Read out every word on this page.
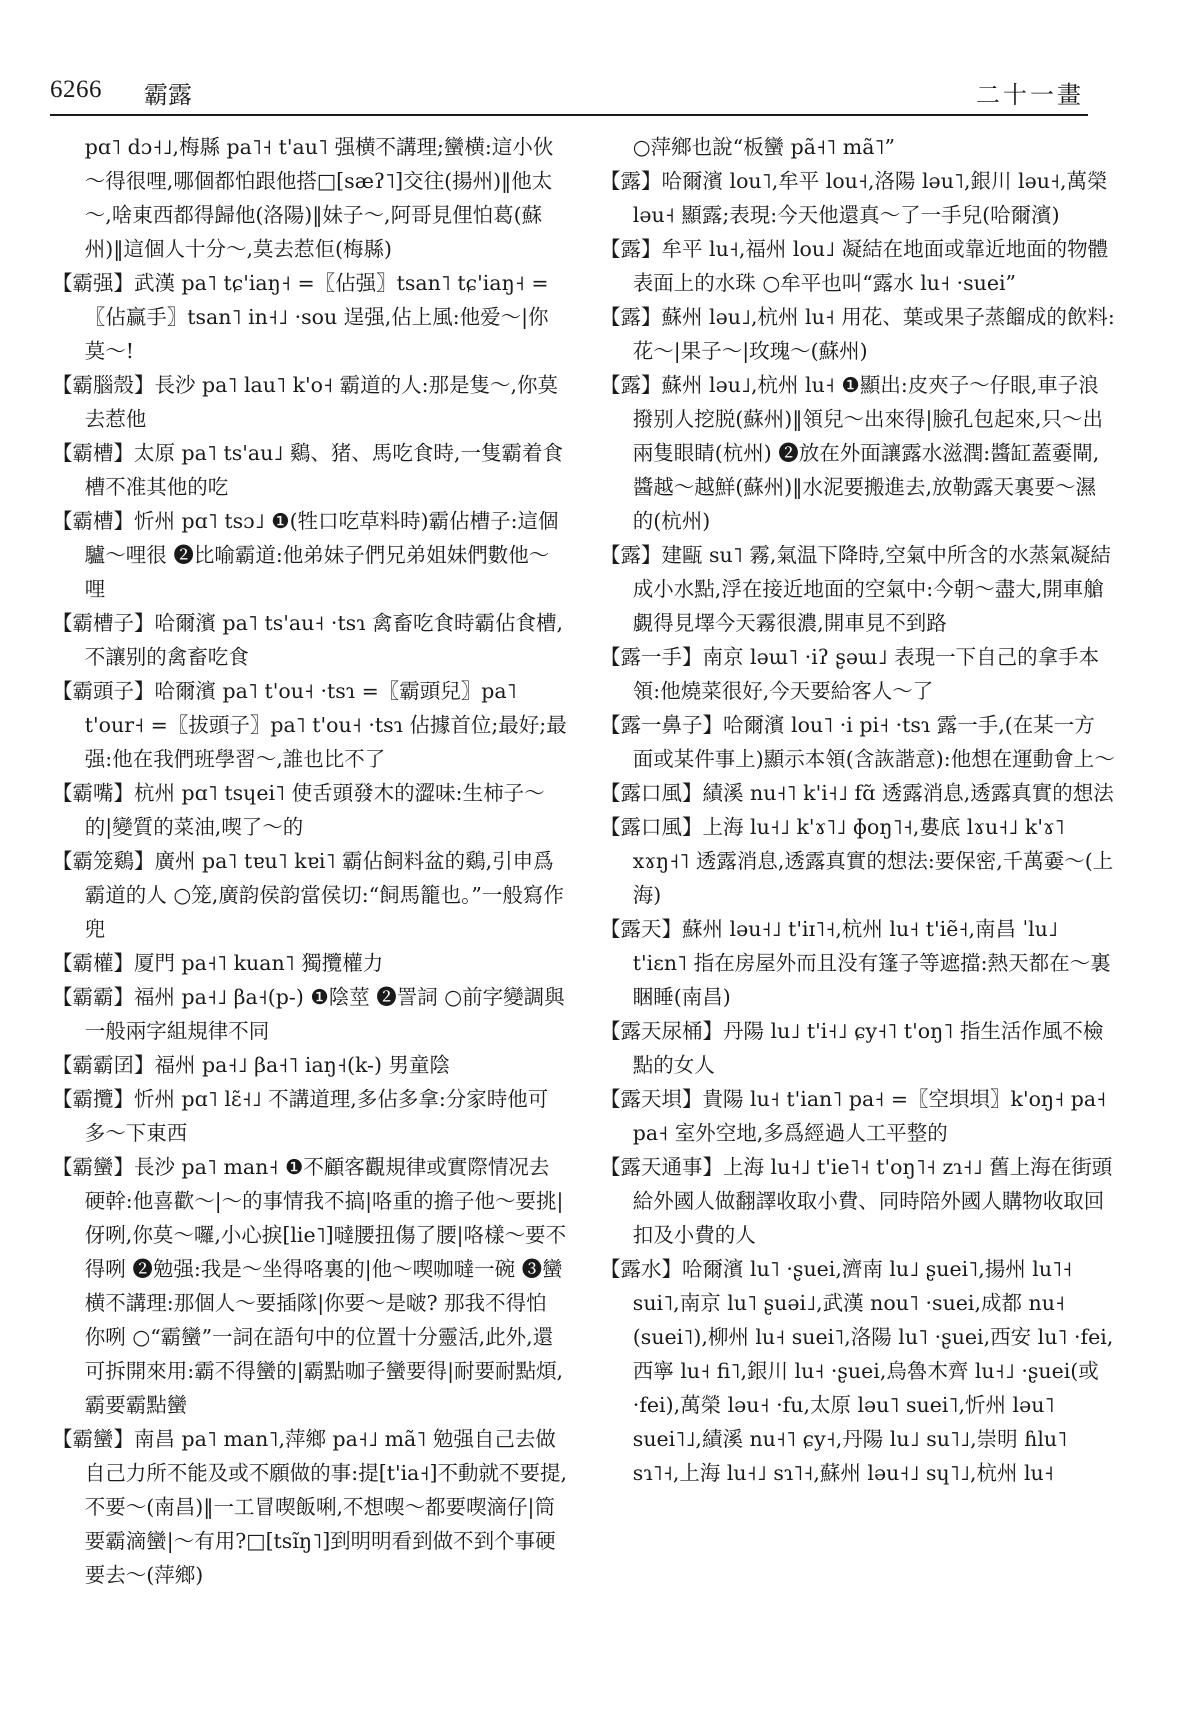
6266 霸露	二十一畫

pɑ˥ dɔ˧˩,梅縣 pa˥˧ t'au˥ 强横不講理;蠻横:這小伙～得很哩,哪個都怕跟他搭□[sæʔ˥]交往(揚州)‖他太～,啥東西都得歸他(洛陽)‖妹子～,阿哥見俚怕葛(蘇州)‖這個人十分～,莫去惹佢(梅縣)

【霸强】武漢 pa˥ tɕ'iaŋ˧ =〖佔强〗tsan˥ tɕ'iaŋ˧ =〖佔赢手〗tsan˥ in˧˩ ·sou 逞强,佔上風:他爱～|你莫～!

【霸腦殼】長沙 pa˥ lau˥ k'o˧ 霸道的人:那是隻～,你莫去惹他

【霸槽】太原 pa˥ ts'au˩ 鷄、猪、馬吃食時,一隻霸着食槽不准其他的吃

【霸槽】忻州 pɑ˥ tsɔ˩ ❶(牲口吃草料時)霸佔槽子:這個驢～哩很 ❷比喻霸道:他弟妹子們兄弟姐妹們數他～哩

【霸槽子】哈爾濱 pa˥ ts'au˧ ·tsɿ 禽畜吃食時霸佔食槽,不讓别的禽畜吃食

【霸頭子】哈爾濱 pa˥ t'ou˧ ·tsɿ =〖霸頭兒〗pa˥ t'our˧ =〖拔頭子〗pa˥ t'ou˧ ·tsɿ 佔據首位;最好;最强:他在我們班學習～,誰也比不了

【霸嘴】杭州 pɑ˥ tsɥei˥ 使舌頭發木的澀味:生柿子～的|變質的菜油,喫了～的

【霸笼鷄】廣州 pa˥ tɐu˥ kɐi˥ 霸佔飼料盆的鷄,引申爲霸道的人 ○笼,廣韵侯韵當侯切:“飼馬籠也。”一般寫作兜

【霸權】厦門 pa˧˥ kuan˥ 獨攬權力

【霸霸】福州 pa˧˩ βa˧(p-) ❶陰莖 ❷詈詞 ○前字變調與一般兩字組規律不同

【霸霸囝】福州 pa˧˩ βa˧˥ iaŋ˧(k-) 男童陰

【霸攬】忻州 pɑ˥ lɛ̃˧˩ 不講道理,多佔多拿:分家時他可多～下東西

【霸蠻】長沙 pa˥ man˧ ❶不顧客觀規律或實際情况去硬幹:他喜歡～|～的事情我不搞|咯重的擔子他～要挑|伢咧,你莫～囉,小心捩[lie˥]噠腰扭傷了腰|咯樣～要不得咧 ❷勉强:我是～坐得咯裏的|他～喫咖噠一碗 ❸蠻横不講理:那個人～要插隊|你要～是啵? 那我不得怕你咧 ○“霸蠻”一詞在語句中的位置十分靈活,此外,還可拆開來用:霸不得蠻的|霸點咖子蠻要得|耐要耐點煩,霸要霸點蠻

【霸蠻】南昌 pa˥ man˥,萍鄉 pa˧˩ mã˥ 勉强自己去做自己力所不能及或不願做的事:提[t'ia˧]不動就不要提,不要～(南昌)‖一工冒喫飯唎,不想喫～都要喫滴仔|筒要霸滴蠻|～有用?□[tsĩŋ˥]到明明看到做不到个事硬要去～(萍鄉)

○萍鄉也說“板蠻 pã˧˥ mã˥”

【露】哈爾濱 lou˥,牟平 lou˧,洛陽 ləu˥,銀川 ləu˧,萬榮 ləu˧ 顯露;表現:今天他還真～了一手兒(哈爾濱)

【露】牟平 lu˧,福州 lou˩ 凝結在地面或靠近地面的物體表面上的水珠 ○牟平也叫“露水 lu˧ ·suei”

【露】蘇州 ləu˩,杭州 lu˧ 用花、葉或果子蒸餾成的飲料:花～|果子～|玫瑰～(蘇州)

【露】蘇州 ləu˩,杭州 lu˧ ❶顯出:皮夾子～仔眼,車子浪撥别人挖脱(蘇州)‖領兒～出來得|臉孔包起來,只～出兩隻眼睛(杭州) ❷放在外面讓露水滋潤:醬缸蓋嫑閘,醬越～越鮮(蘇州)‖水泥要搬進去,放勒露天裏要～濕的(杭州)

【露】建甌 su˥ 霧,氣温下降時,空氣中所含的水蒸氣凝結成小水點,浮在接近地面的空氣中:今朝～盡大,開車艙覷得見墿今天霧很濃,開車見不到路

【露一手】南京 ləɯ˥ ·iʔ ʂəɯ˩ 表現一下自己的拿手本領:他燒菜很好,今天要給客人～了

【露一鼻子】哈爾濱 lou˥ ·i pi˧ ·tsɿ 露一手,(在某一方面或某件事上)顯示本領(含詼諧意):他想在運動會上～

【露口風】績溪 nu˧˥ k'i˧˩ fɑ̃ 透露消息,透露真實的想法

【露口風】上海 lu˧˩ k'ɤ˥˩ ɸoŋ˥˧,婁底 lɤu˧˩ k'ɤ˥ xɤŋ˧˥ 透露消息,透露真實的想法:要保密,千萬嫑～(上海)

【露天】蘇州 ləu˧˩ t'iɪ˥˧,杭州 lu˧ t'iẽ˧,南昌 ˈlu˩ t'iɛn˥ 指在房屋外而且没有篷子等遮擋:熱天都在～裏睏睡(南昌)

【露天尿桶】丹陽 lu˩ t'i˧˩ ɕy˧˥ t'oŋ˥ 指生活作風不檢點的女人

【露天垻】貴陽 lu˧ t'ian˥ pa˧ =〖空垻垻〗k'oŋ˧ pa˧ pa˧ 室外空地,多爲經過人工平整的

【露天通事】上海 lu˧˩ t'ie˥˧ t'oŋ˥˧ zɿ˧˩ 舊上海在街頭給外國人做翻譯收取小費、同時陪外國人購物收取回扣及小費的人

【露水】哈爾濱 lu˥ ·ʂuei,濟南 lu˩ ʂuei˥,揚州 lu˥˧ sui˥,南京 lu˥ ʂuəi˩,武漢 nou˥ ·suei,成都 nu˧ (suei˥),柳州 lu˧ suei˥,洛陽 lu˥ ·ʂuei,西安 lu˥ ·fei,西寧 lu˧ fi˥,銀川 lu˧ ·ʂuei,烏魯木齊 lu˧˩ ·ʂuei(或·fei),萬榮 ləu˧ ·fu,太原 ləu˥ suei˥,忻州 ləu˥ suei˥˩,績溪 nu˧˥ ɕy˧,丹陽 lu˩ su˥˩,崇明 ɦlu˥ sɿ˥˧,上海 lu˧˩ sɿ˥˧,蘇州 ləu˧˩ sɥ˥˩,杭州 lu˧
